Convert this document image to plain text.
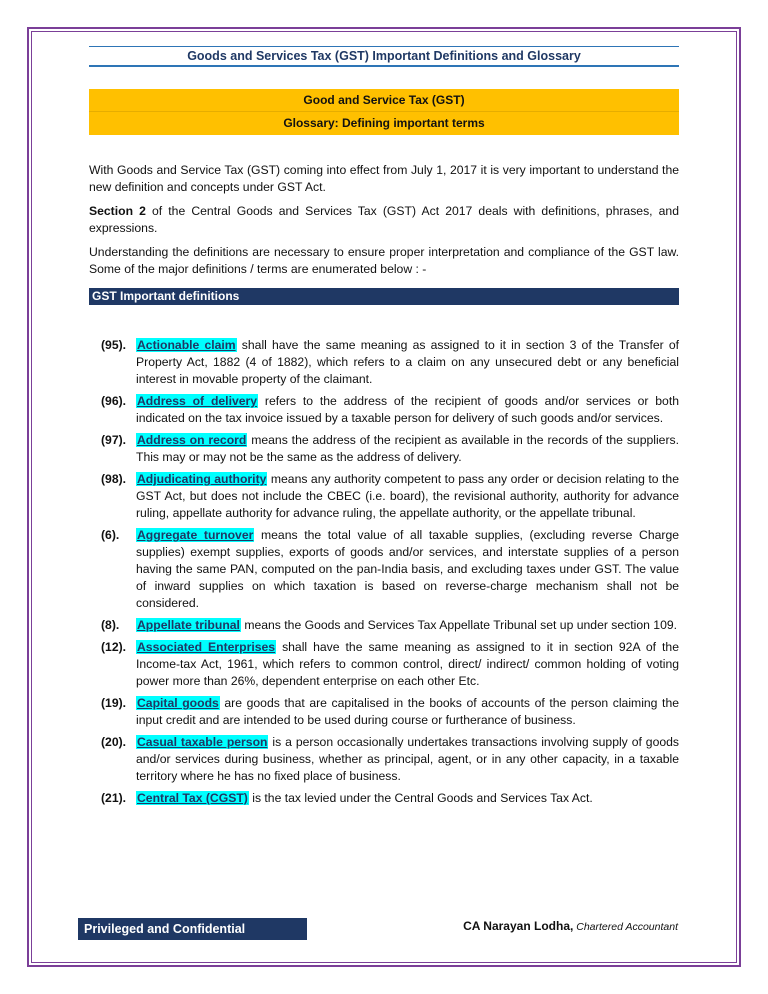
Goods and Services Tax (GST) Important Definitions and Glossary
Good and Service Tax (GST)
Glossary: Defining important terms

With Goods and Service Tax (GST) coming into effect from July 1, 2017 it is very important to understand the new definition and concepts under GST Act.

Section 2 of the Central Goods and Services Tax (GST) Act 2017 deals with definitions, phrases, and expressions.

Understanding the definitions are necessary to ensure proper interpretation and compliance of the GST law. Some of the major definitions / terms are enumerated below : -

GST Important definitions
(95). Actionable claim shall have the same meaning as assigned to it in section 3 of the Transfer of Property Act, 1882 (4 of 1882), which refers to a claim on any unsecured debt or any beneficial interest in movable property of the claimant.
(96). Address of delivery refers to the address of the recipient of goods and/or services or both indicated on the tax invoice issued by a taxable person for delivery of such goods and/or services.
(97). Address on record means the address of the recipient as available in the records of the suppliers. This may or may not be the same as the address of delivery.
(98). Adjudicating authority means any authority competent to pass any order or decision relating to the GST Act, but does not include the CBEC (i.e. board), the revisional authority, authority for advance ruling, appellate authority for advance ruling, the appellate authority, or the appellate tribunal.
(6).	Aggregate turnover means the total value of all taxable supplies, (excluding reverse Charge supplies) exempt supplies, exports of goods and/or services, and interstate supplies of a person having the same PAN, computed on the pan-India basis, and excluding taxes under GST. The value of inward supplies on which taxation is based on reverse-charge mechanism shall not be considered.
(8).	Appellate tribunal means the Goods and Services Tax Appellate Tribunal set up under section 109.
(12). Associated Enterprises shall have the same meaning as assigned to it in section 92A of the Income-tax Act, 1961, which refers to common control, direct/ indirect/ common holding of voting power more than 26%, dependent enterprise on each other Etc.
(19). Capital goods are goods that are capitalised in the books of accounts of the person claiming the input credit and are intended to be used during course or furtherance of business.
(20). Casual taxable person is a person occasionally undertakes transactions involving supply of goods and/or services during business, whether as principal, agent, or in any other capacity, in a taxable territory where he has no fixed place of business.
(21). Central Tax (CGST) is the tax levied under the Central Goods and Services Tax Act.
Privileged and Confidential	CA Narayan Lodha, Chartered Accountant
